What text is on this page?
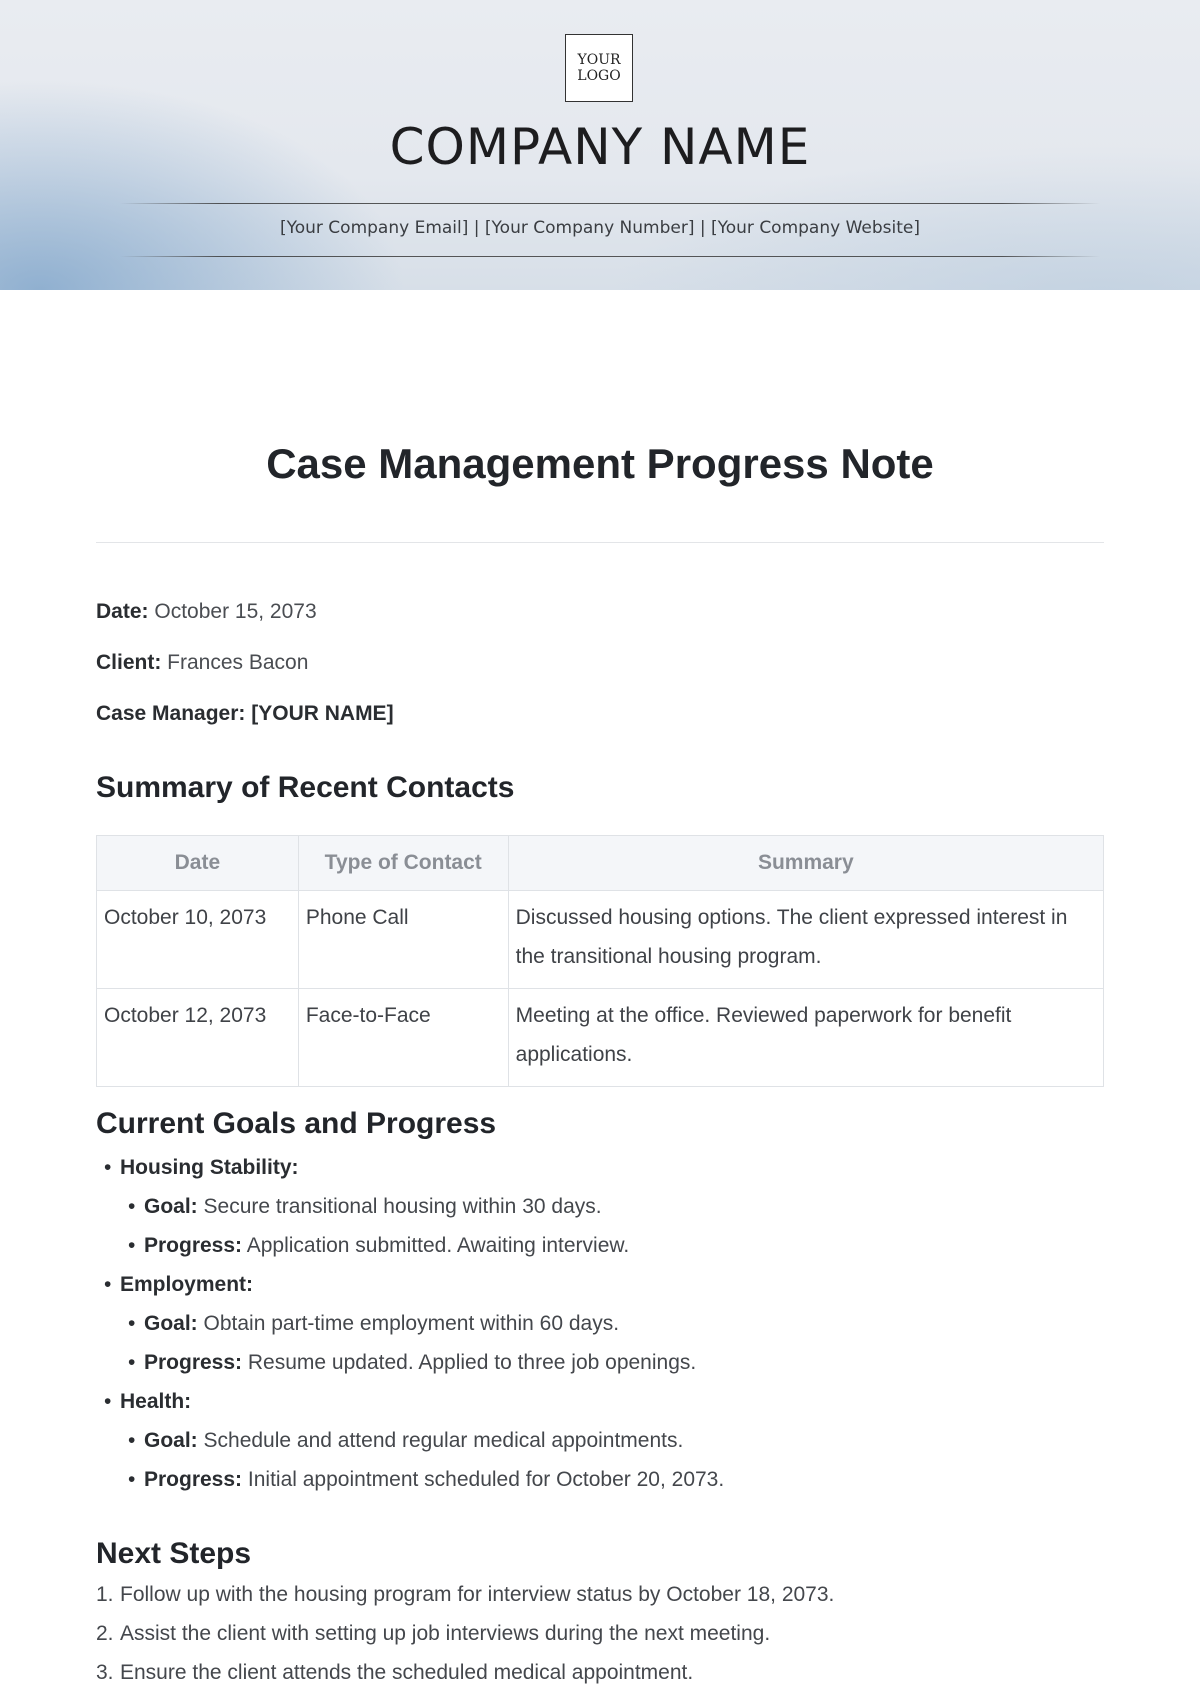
YOUR
LOGO
COMPANY NAME
[Your Company Email] | [Your Company Number] | [Your Company Website]
Case Management Progress Note
Date: October 15, 2073
Client: Frances Bacon
Case Manager: [YOUR NAME]
Summary of Recent Contacts
Date	Type of Contact	Summary

October 10, 2073	Phone Call	Discussed housing options. The client expressed interest in the transitional housing program.

October 12, 2073	Face-to-Face	Meeting at the office. Reviewed paperwork for benefit applications.
Current Goals and Progress
• Housing Stability:
• Goal: Secure transitional housing within 30 days.
• Progress: Application submitted. Awaiting interview.
• Employment:
• Goal: Obtain part-time employment within 60 days.
• Progress: Resume updated. Applied to three job openings.
• Health:
• Goal: Schedule and attend regular medical appointments.
• Progress: Initial appointment scheduled for October 20, 2073.
Next Steps
1. Follow up with the housing program for interview status by October 18, 2073.
2. Assist the client with setting up job interviews during the next meeting.
3. Ensure the client attends the scheduled medical appointment.
